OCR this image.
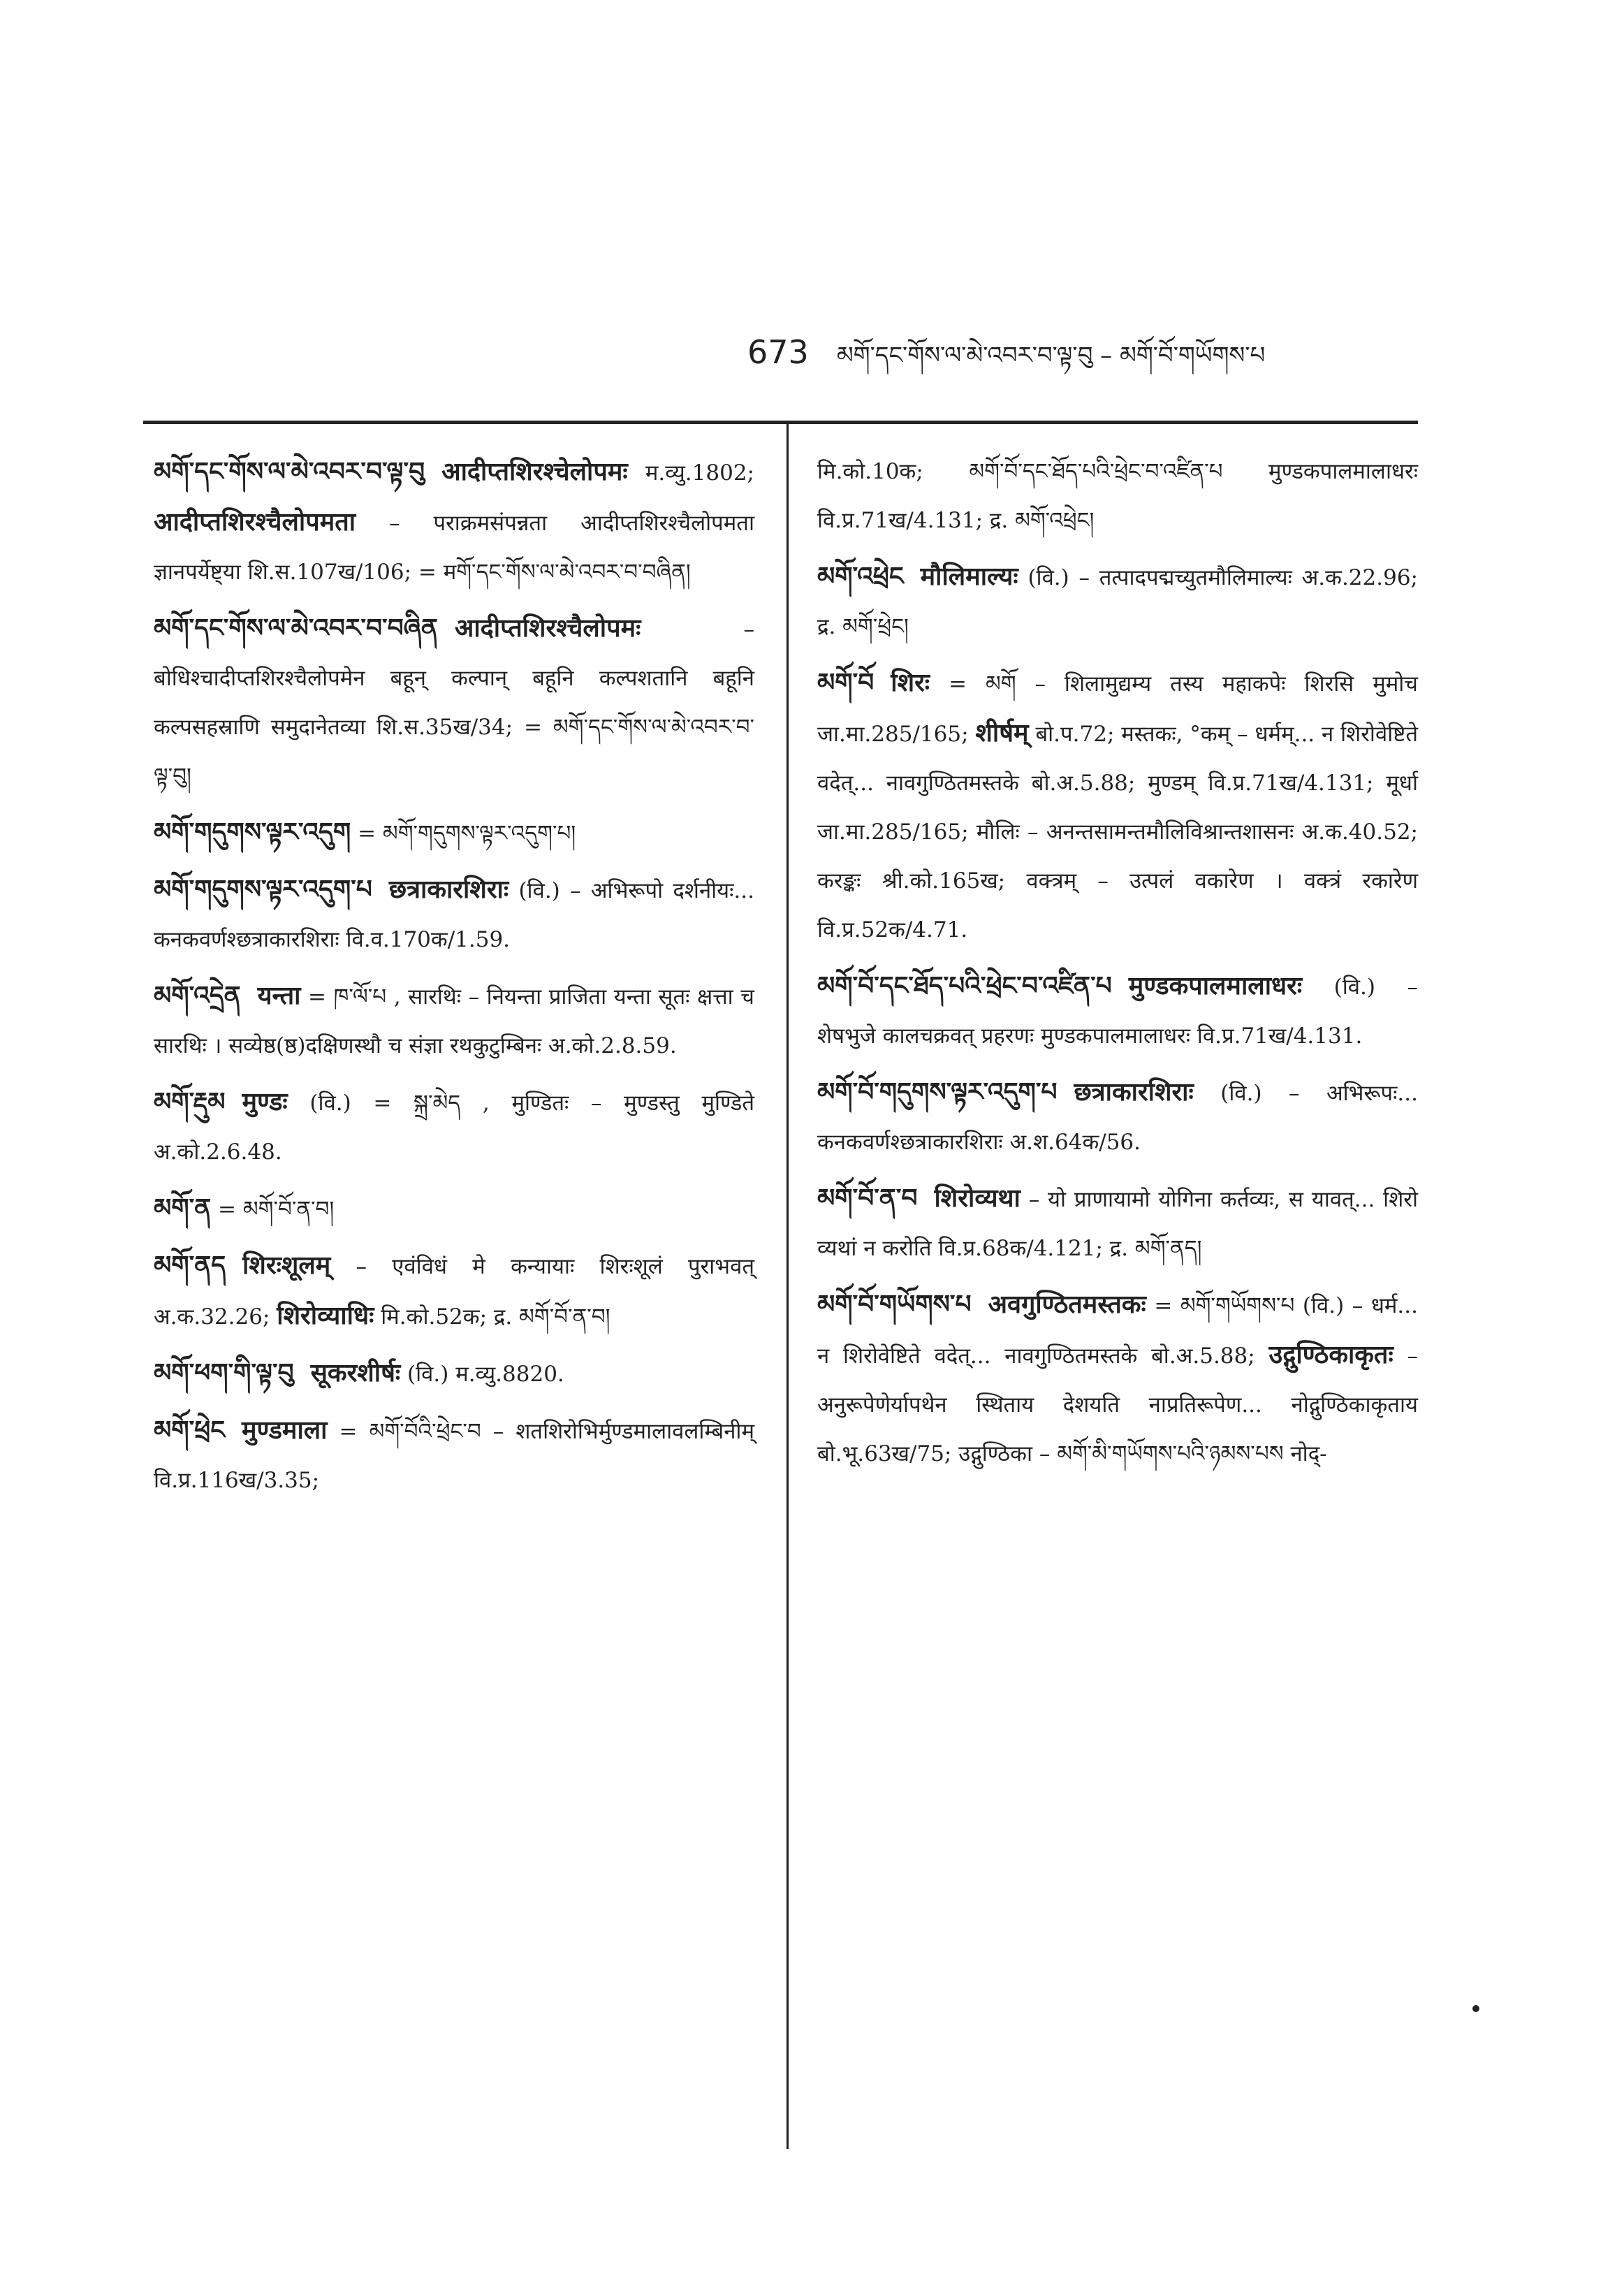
673 མགོ་དང་གོས་ལ་མེ་འབར་བ་ལྟ་བུ – མགོ་བོ་གཡོགས་པ
མགོ་དང་གོས་ལ་མེ་འབར་བ་ལྟ་བུ आदीप्तशिरश्चेलोपमः म.व्यु.1802; आदीप्तशिरश्चैलोपमता – पराक्रमसंपन्नता आदीप्तशिरश्चैलोपमता ज्ञानपर्येष्ट्या शि.स.107ख/106; = मགོ་དང་གོས་ལ་མེ་འབར་བ་བཞིན།
མགོ་དང་གོས་ལ་མེ་འབར་བ་བཞིན आदीप्तशिरश्चैलोपमः – बोधिश्चादीप्तशिरश्चैलोपमेन बहून् कल्पान् बहूनि कल्पशतानि बहूनि कल्पसहस्राणि समुदानेतव्या शि.स.35ख/34; = མགོ་དང་གོས་ལ་མེ་འབར་བ་ལྟ་བུ།
མགོ་གདུགས་ལྟར་འདུག = མགོ་གདུགས་ལྟར་འདུག་པ།
མགོ་གདུགས་ལྟར་འདུག་པ छत्राकारशिराः (वि.) – अभिरूपो दर्शनीयः... कनकवर्णश्छत्राकारशिराः वि.व.170क/1.59.
མགོ་འདྲེན यन्ता = ཁ་ལོ་པ , सारथिः – नियन्ता प्राजिता यन्ता सूतः क्षत्ता च सारथिः । सव्येष्ठ(ष्ठ)दक्षिणस्थौ च संज्ञा रथकुटुम्बिनः अ.को.2.8.59.
མགོ་རྡུམ मुण्डः (वि.) = སྐྲ་མེད , मुण्डितः – मुण्डस्तु मुण्डिते अ.को.2.6.48.
མགོ་ན = མགོ་བོ་ན་བ།
མགོ་ནད शिरःशूलम् – एवंविधं मे कन्यायाः शिरःशूलं पुराभवत् अ.क.32.26; शिरोव्याधिः मि.को.52क; द्र. མགོ་བོ་ན་བ།
མགོ་ཕག་གི་ལྟ་བུ सूकरशीर्षः (वि.) म.व्यु.8820.
མགོ་ཕྲེང मुण्डमाला = མགོ་བོའི་ཕྲེང་བ – शतशिरोभिर्मुण्डमालावलम्बिनीम् वि.प्र.116ख/3.35;
मि.को.10क; མགོ་བོ་དང་ཐོད་པའི་ཕྲེང་བ་འཛིན་པ मुण्डकपालमालाधरः वि.प्र.71ख/4.131; द्र. མགོ་འཕྲེང།
མགོ་འཕྲེང मौलिमाल्यः (वि.) – तत्पादपद्मच्युतमौलिमाल्यः अ.क.22.96; द्र. མགོ་ཕྲེང།
མགོ་བོ शिरः = མགོ – शिलामुद्यम्य तस्य महाकपेः शिरसि मुमोच जा.मा.285/165; शीर्षम् बो.प.72; मस्तकः, °कम् – धर्मम्... न शिरोवेष्टिते वदेत्... नावगुण्ठितमस्तके बो.अ.5.88; मुण्डम् वि.प्र.71ख/4.131; मूर्धा जा.मा.285/165; मौलिः – अनन्तसामन्तमौलिविश्रान्तशासनः अ.क.40.52; करङ्कः श्री.को.165ख; वक्त्रम् – उत्पलं वकारेण । वक्त्रं रकारेण वि.प्र.52क/4.71.
མགོ་བོ་དང་ཐོད་པའི་ཕྲེང་བ་འཛིན་པ मुण्डकपालमालाधरः (वि.) – शेषभुजे कालचक्रवत् प्रहरणः मुण्डकपालमालाधरः वि.प्र.71ख/4.131.
མགོ་བོ་གདུགས་ལྟར་འདུག་པ छत्राकारशिराः (वि.) – अभिरूपः... कनकवर्णश्छत्राकारशिराः अ.श.64क/56.
མགོ་བོ་ན་བ शिरोव्यथा – यो प्राणायामो योगिना कर्तव्यः, स यावत्... शिरो व्यथां न करोति वि.प्र.68क/4.121; द्र. མགོ་ནད།
མགོ་བོ་གཡོགས་པ अवगुण्ठितमस्तकः = མགོ་གཡོགས་པ (वि.) – धर्म... न शिरोवेष्टिते वदेत्... नावगुण्ठितमस्तके बो.अ.5.88; उद्गुण्ठिकाकृतः – अनुरूपेणेर्यापथेन स्थिताय देशयति नाप्रतिरूपेण... नोद्गुण्ठिकाकृताय बो.भू.63ख/75; उद्गुण्ठिका – མགོ་མི་གཡོགས་པའི་ཉམས་པས नोद्-
